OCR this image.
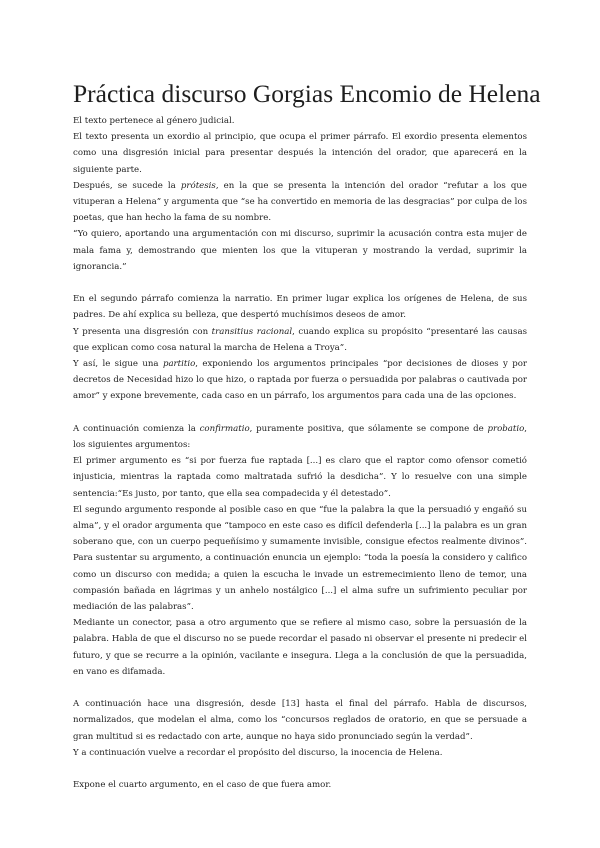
Práctica discurso Gorgias Encomio de Helena

El texto pertenece al género judicial.

El texto presenta un exordio al principio, que ocupa el primer párrafo. El exordio presenta elementos como una disgresión inicial para presentar después la intención del orador, que aparecerá en la siguiente parte.

Después, se sucede la prótesis, en la que se presenta la intención del orador “refutar a los que vituperan a Helena” y argumenta que “se ha convertido en memoria de las desgracias” por culpa de los poetas, que han hecho la fama de su nombre.

“Yo quiero, aportando una argumentación con mi discurso, suprimir la acusación contra esta mujer de mala fama y, demostrando que mienten los que la vituperan y mostrando la verdad, suprimir la ignorancia.”

En el segundo párrafo comienza la narratio. En primer lugar explica los orígenes de Helena, de sus padres. De ahí explica su belleza, que despertó muchísimos deseos de amor.

Y presenta una disgresión con transitius racional, cuando explica su propósito “presentaré las causas que explican como cosa natural la marcha de Helena a Troya”.

Y así, le sigue una partitio, exponiendo los argumentos principales “por decisiones de dioses y por decretos de Necesidad hizo lo que hizo, o raptada por fuerza o persuadida por palabras o cautivada por amor” y expone brevemente, cada caso en un párrafo, los argumentos para cada una de las opciones.

A continuación comienza la confirmatio, puramente positiva, que sólamente se compone de probatio, los siguientes argumentos:

El primer argumento es “si por fuerza fue raptada [...] es claro que el raptor como ofensor cometió injusticia, mientras la raptada como maltratada sufrió la desdicha”. Y lo resuelve con una simple sentencia:“Es justo, por tanto, que ella sea compadecida y él detestado”.

El segundo argumento responde al posible caso en que “fue la palabra la que la persuadió y engañó su alma”, y el orador argumenta que “tampoco en este caso es difícil defenderla [...] la palabra es un gran soberano que, con un cuerpo pequeñísimo y sumamente invisible, consigue efectos realmente divinos”. Para sustentar su argumento, a continuación enuncia un ejemplo: “toda la poesía la considero y califico como un discurso con medida; a quien la escucha le invade un estremecimiento lleno de temor, una compasión bañada en lágrimas y un anhelo nostálgico [...] el alma sufre un sufrimiento peculiar por mediación de las palabras”.

Mediante un conector, pasa a otro argumento que se refiere al mismo caso, sobre la persuasión de la palabra. Habla de que el discurso no se puede recordar el pasado ni observar el presente ni predecir el futuro, y que se recurre a la opinión, vacilante e insegura. Llega a la conclusión de que la persuadida, en vano es difamada.

A continuación hace una disgresión, desde [13] hasta el final del párrafo. Habla de discursos, normalizados, que modelan el alma, como los “concursos reglados de oratorio, en que se persuade a gran multitud si es redactado con arte, aunque no haya sido pronunciado según la verdad”.

Y a continuación vuelve a recordar el propósito del discurso, la inocencia de Helena.

Expone el cuarto argumento, en el caso de que fuera amor.
